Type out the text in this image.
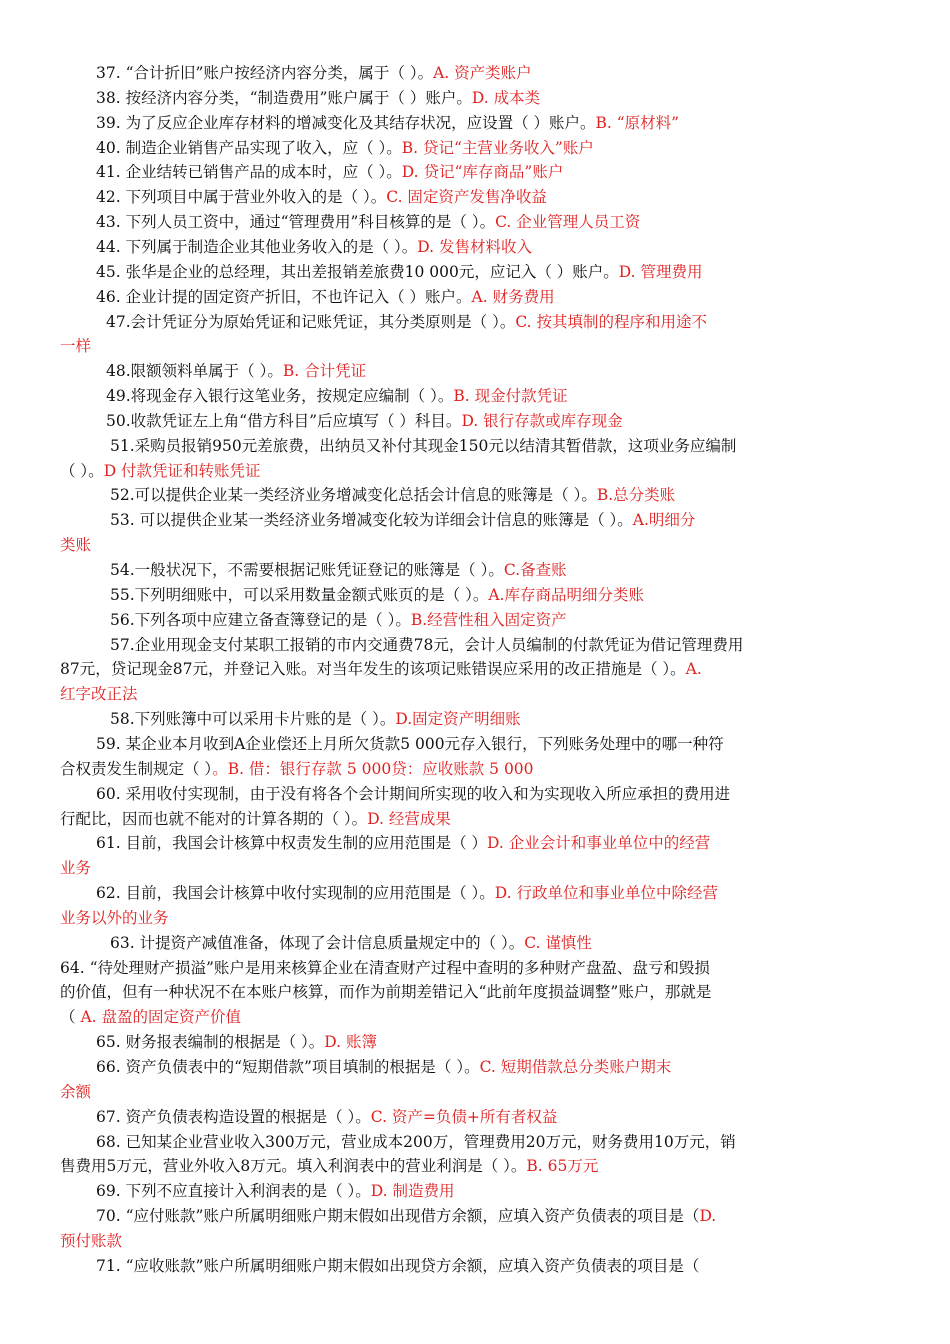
37. “合计折旧”账户按经济内容分类，属于（ ）。A. 资产类账户
38. 按经济内容分类，“制造费用”账户属于（ ）账户。D. 成本类
39. 为了反应企业库存材料的增减变化及其结存状况，应设置（ ）账户。B. “原材料”
40. 制造企业销售产品实现了收入，应（ ）。B. 贷记“主营业务收入”账户
41. 企业结转已销售产品的成本时，应（ ）。D. 贷记“库存商品”账户
42. 下列项目中属于营业外收入的是（ ）。C. 固定资产发售净收益
43. 下列人员工资中，通过“管理费用”科目核算的是（ ）。C. 企业管理人员工资
44. 下列属于制造企业其他业务收入的是（ ）。D. 发售材料收入
45. 张华是企业的总经理，其出差报销差旅费10 000元，应记入（ ）账户。D. 管理费用
46. 企业计提的固定资产折旧，不也许记入（ ）账户。A. 财务费用
47.会计凭证分为原始凭证和记账凭证，其分类原则是（ ）。C. 按其填制的程序和用途不
一样
48.限额领料单属于（ ）。B. 合计凭证
49.将现金存入银行这笔业务，按规定应编制（ ）。B. 现金付款凭证
50.收款凭证左上角“借方科目”后应填写（ ）科目。D. 银行存款或库存现金
51.采购员报销950元差旅费，出纳员又补付其现金150元以结清其暂借款，这项业务应编制
（ ）。D 付款凭证和转账凭证
52.可以提供企业某一类经济业务增减变化总括会计信息的账簿是（ ）。B.总分类账
53. 可以提供企业某一类经济业务增减变化较为详细会计信息的账簿是（ ）。A.明细分
类账
54.一般状况下，不需要根据记账凭证登记的账簿是（ ）。C.备查账
55.下列明细账中，可以采用数量金额式账页的是（ ）。A.库存商品明细分类账
56.下列各项中应建立备查簿登记的是（ ）。B.经营性租入固定资产
57.企业用现金支付某职工报销的市内交通费78元，会计人员编制的付款凭证为借记管理费用
87元，贷记现金87元，并登记入账。对当年发生的该项记账错误应采用的改正措施是（ ）。A.
红字改正法
58.下列账簿中可以采用卡片账的是（ ）。D.固定资产明细账
59. 某企业本月收到A企业偿还上月所欠货款5 000元存入银行，下列账务处理中的哪一种符
合权责发生制规定（ ）。B. 借：银行存款 5 000贷：应收账款 5 000
60. 采用收付实现制，由于没有将各个会计期间所实现的收入和为实现收入所应承担的费用进
行配比，因而也就不能对的计算各期的（ ）。D. 经营成果
61. 目前，我国会计核算中权责发生制的应用范围是（ ）D. 企业会计和事业单位中的经营
业务
62. 目前，我国会计核算中收付实现制的应用范围是（ ）。D. 行政单位和事业单位中除经营
业务以外的业务
63. 计提资产减值准备，体现了会计信息质量规定中的（ ）。C. 谨慎性
64. “待处理财产损溢”账户是用来核算企业在清查财产过程中查明的多种财产盘盈、盘亏和毁损
的价值，但有一种状况不在本账户核算，而作为前期差错记入“此前年度损益调整”账户，那就是
（ A. 盘盈的固定资产价值
65. 财务报表编制的根据是（ ）。D. 账簿
66. 资产负债表中的“短期借款”项目填制的根据是（ ）。C. 短期借款总分类账户期末
余额
67. 资产负债表构造设置的根据是（ ）。C. 资产=负债+所有者权益
68. 已知某企业营业收入300万元，营业成本200万，管理费用20万元，财务费用10万元，销
售费用5万元，营业外收入8万元。填入利润表中的营业利润是（ ）。B. 65万元
69. 下列不应直接计入利润表的是（ ）。D. 制造费用
70. “应付账款”账户所属明细账户期末假如出现借方余额，应填入资产负债表的项目是（D.
预付账款
71. “应收账款”账户所属明细账户期末假如出现贷方余额，应填入资产负债表的项目是（
